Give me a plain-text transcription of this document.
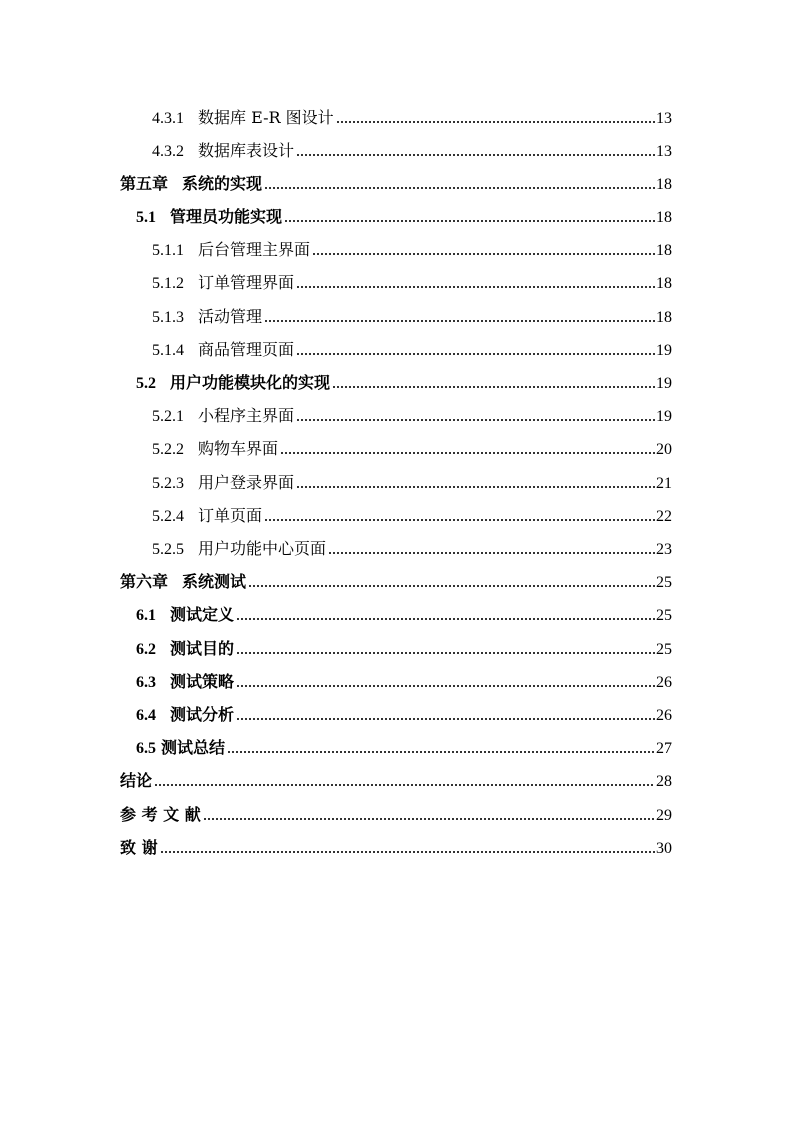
4.3.1 数据库 E-R 图设计	13
4.3.2 数据库表设计	13
第五章 系统的实现	18
5.1 管理员功能实现	18
5.1.1 后台管理主界面	18
5.1.2 订单管理界面	18
5.1.3 活动管理	18
5.1.4 商品管理页面	19
5.2 用户功能模块化的实现	19
5.2.1 小程序主界面	19
5.2.2 购物车界面	20
5.2.3 用户登录界面	21
5.2.4 订单页面	22
5.2.5 用户功能中心页面	23
第六章 系统测试	25
6.1 测试定义	25
6.2 测试目的	25
6.3 测试策略	26
6.4 测试分析	26
6.5 测试总结	27
结论	28
参 考 文 献	29
致 谢	30
